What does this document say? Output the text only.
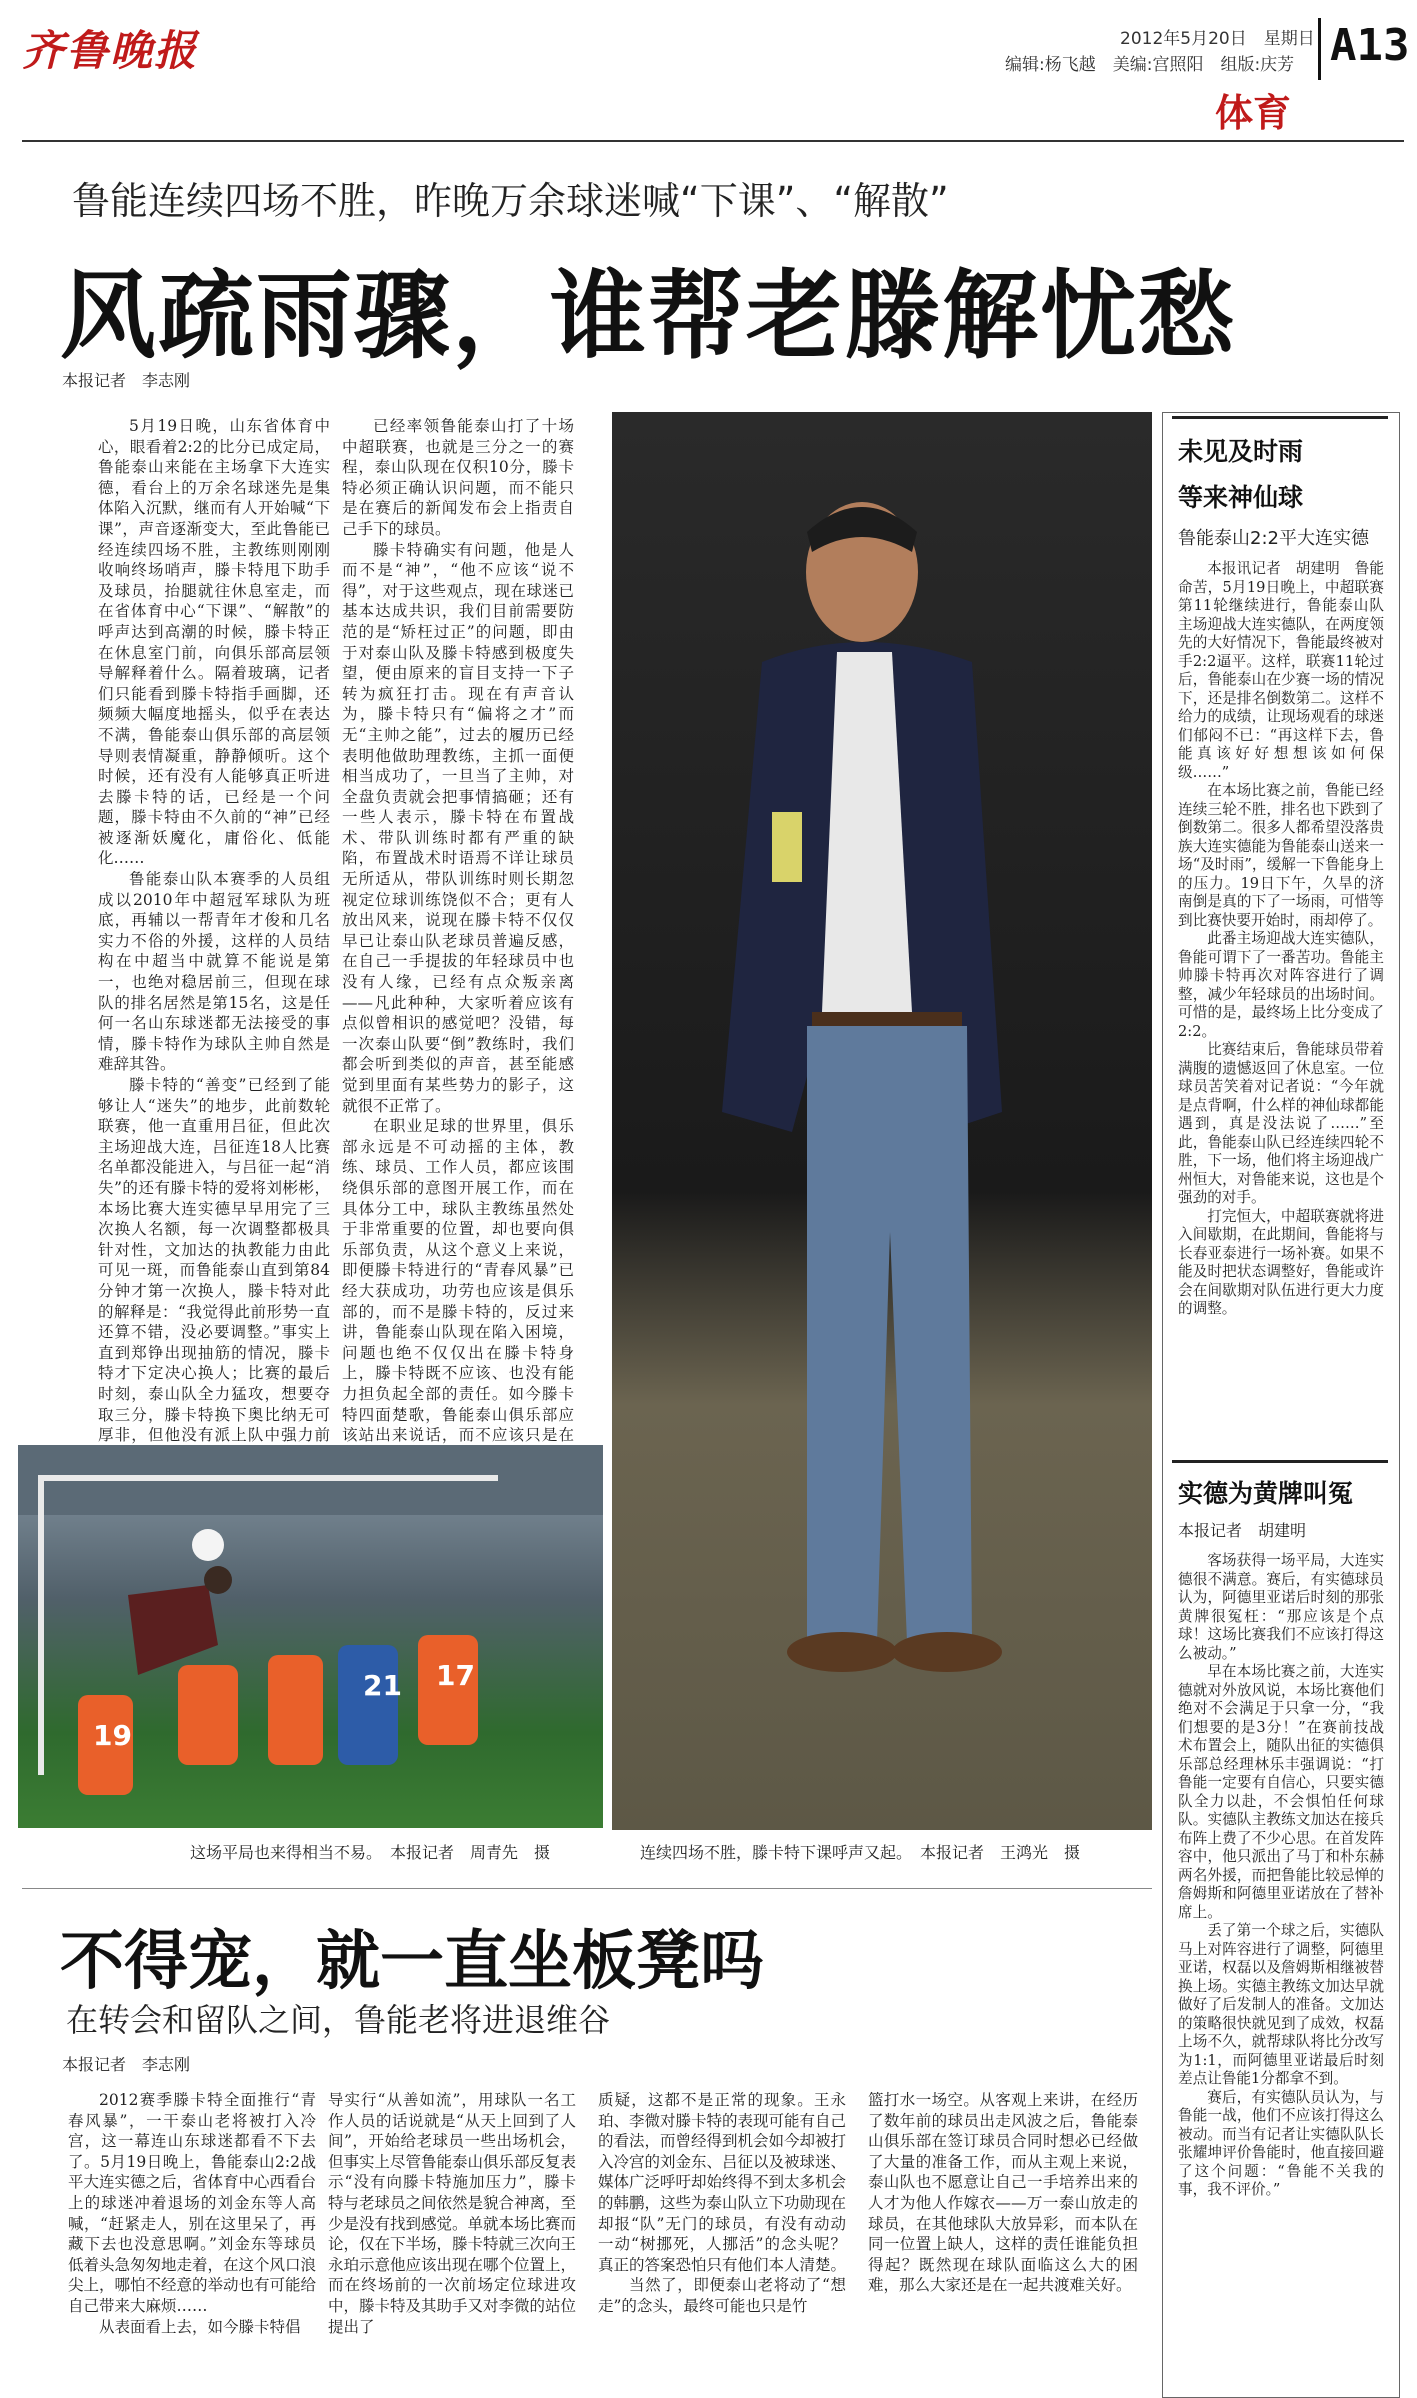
齐鲁晚报	2012年5月20日　星期日
编辑:杨飞越　美编:宫照阳　组版:庆芳 A13
体育
鲁能连续四场不胜，昨晚万余球迷喊“下课”、“解散”
风疏雨骤，谁帮老滕解忧愁
本报记者　李志刚

5月19日晚，山东省体育中心，眼看着2:2的比分已成定局，鲁能泰山来能在主场拿下大连实德，看台上的万余名球迷先是集体陷入沉默，继而有人开始喊“下课”，声音逐渐变大，至此鲁能已经连续四场不胜，主教练则刚刚收响终场哨声，滕卡特甩下助手及球员，抬腿就往休息室走，而在省体育中心“下课”、“解散”的呼声达到高潮的时候，滕卡特正在休息室门前，向俱乐部高层领导解释着什么。隔着玻璃，记者们只能看到滕卡特指手画脚，还频频大幅度地摇头，似乎在表达不满，鲁能泰山俱乐部的高层领导则表情凝重，静静倾听。这个时候，还有没有人能够真正听进去滕卡特的话，已经是一个问题，滕卡特由不久前的“神”已经被逐渐妖魔化，庸俗化、低能化……

鲁能泰山队本赛季的人员组成以2010年中超冠军球队为班底，再辅以一帮青年才俊和几名实力不俗的外援，这样的人员结构在中超当中就算不能说是第一，也绝对稳居前三，但现在球队的排名居然是第15名，这是任何一名山东球迷都无法接受的事情，滕卡特作为球队主帅自然是难辞其咎。

滕卡特的“善变”已经到了能够让人“迷失”的地步，此前数轮联赛，他一直重用吕征，但此次主场迎战大连，吕征连18人比赛名单都没能进入，与吕征一起“消失”的还有滕卡特的爱将刘彬彬，本场比赛大连实德早早用完了三次换人名额，每一次调整都极具针对性，文加达的执教能力由此可见一斑，而鲁能泰山直到第84分钟才第一次换人，滕卡特对此的解释是：“我觉得此前形势一直还算不错，没必要调整。”事实上直到郑铮出现抽筋的情况，滕卡特才下定决心换人；比赛的最后时刻，泰山队全力猛攻，想要夺取三分，滕卡特换下奥比纳无可厚非，但他没有派上队中强力前

已经率领鲁能泰山打了十场中超联赛，也就是三分之一的赛程，泰山队现在仅积10分，滕卡特必须正确认识问题，而不能只是在赛后的新闻发布会上指责自己手下的球员。

滕卡特确实有问题，他是人而不是“神”，“他不应该“说不得”，对于这些观点，现在球迷已基本达成共识，我们目前需要防范的是“矫枉过正”的问题，即由于对泰山队及滕卡特感到极度失望，便由原来的盲目支持一下子转为疯狂打击。现在有声音认为，滕卡特只有“偏将之才”而无“主帅之能”，过去的履历已经表明他做助理教练，主抓一面便相当成功了，一旦当了主帅，对全盘负责就会把事情搞砸；还有一些人表示，滕卡特在布置战术、带队训练时都有严重的缺陷，布置战术时语焉不详让球员无所适从，带队训练时则长期忽视定位球训练饶似不合；更有人放出风来，说现在滕卡特不仅仅早已让泰山队老球员普遍反感，在自己一手提拔的年轻球员中也没有人缘，已经有点众叛亲离——凡此种种，大家听着应该有点似曾相识的感觉吧？没错，每一次泰山队要“倒”教练时，我们都会听到类似的声音，甚至能感觉到里面有某些势力的影子，这就很不正常了。

在职业足球的世界里，俱乐部永远是不可动摇的主体，教练、球员、工作人员，都应该围绕俱乐部的意图开展工作，而在具体分工中，球队主教练虽然处于非常重要的位置，却也要向俱乐部负责，从这个意义上来说，即便滕卡特进行的“青春风暴”已经大获成功，功劳也应该是俱乐部的，而不是滕卡特的，反过来讲，鲁能泰山队现在陷入困境，问题也绝不仅仅出在滕卡特身上，滕卡特既不应该、也没有能力担负起全部的责任。如今滕卡特四面楚歌，鲁能泰山俱乐部应该站出来说话，而不应该只是在

连续四场不胜，滕卡特下课呼声又起。　本报记者　王鸿光　摄
21 17
19
这场平局也来得相当不易。　本报记者　周青先　摄
未见及时雨
等来神仙球
鲁能泰山2:2平大连实德

本报讯记者　胡建明　鲁能命苦，5月19日晚上，中超联赛第11轮继续进行，鲁能泰山队主场迎战大连实德队，在两度领先的大好情况下，鲁能最终被对手2:2逼平。这样，联赛11轮过后，鲁能泰山在少赛一场的情况下，还是排名倒数第二。这样不给力的成绩，让现场观看的球迷们郁闷不已：“再这样下去，鲁能真该好好想想该如何保级……”

在本场比赛之前，鲁能已经连续三轮不胜，排名也下跌到了倒数第二。很多人都希望没落贵族大连实德能为鲁能泰山送来一场“及时雨”，缓解一下鲁能身上的压力。19日下午，久旱的济南倒是真的下了一场雨，可惜等到比赛快要开始时，雨却停了。

此番主场迎战大连实德队，鲁能可谓下了一番苦功。鲁能主帅滕卡特再次对阵容进行了调整，减少年轻球员的出场时间。可惜的是，最终场上比分变成了2:2。

比赛结束后，鲁能球员带着满腹的遗憾返回了休息室。一位球员苦笑着对记者说：“今年就是点背啊，什么样的神仙球都能遇到，真是没法说了……”至此，鲁能泰山队已经连续四轮不胜，下一场，他们将主场迎战广州恒大，对鲁能来说，这也是个强劲的对手。

打完恒大，中超联赛就将进入间歇期，在此期间，鲁能将与长春亚泰进行一场补赛。如果不能及时把状态调整好，鲁能或许会在间歇期对队伍进行更大力度的调整。

实德为黄牌叫冤
本报记者　胡建明

客场获得一场平局，大连实德很不满意。赛后，有实德球员认为，阿德里亚诺后时刻的那张黄牌很冤枉：“那应该是个点球！这场比赛我们不应该打得这么被动。”

早在本场比赛之前，大连实德就对外放风说，本场比赛他们绝对不会满足于只拿一分，“我们想要的是3分！”在赛前技战术布置会上，随队出征的实德俱乐部总经理林乐丰强调说：“打鲁能一定要有自信心，只要实德队全力以赴，不会惧怕任何球队。实德队主教练文加达在接兵布阵上费了不少心思。在首发阵容中，他只派出了马丁和朴东赫两名外援，而把鲁能比较忌惮的詹姆斯和阿德里亚诺放在了替补席上。

丢了第一个球之后，实德队马上对阵容进行了调整，阿德里亚诺，权磊以及詹姆斯相继被替换上场。实德主教练文加达早就做好了后发制人的准备。文加达的策略很快就见到了成效，权磊上场不久，就帮球队将比分改写为1:1，而阿德里亚诺最后时刻差点让鲁能1分都拿不到。

赛后，有实德队员认为，与鲁能一战，他们不应该打得这么被动。而当有记者让实德队队长张耀坤评价鲁能时，他直接回避了这个问题：“鲁能不关我的事，我不评价。”

不得宠，就一直坐板凳吗
在转会和留队之间，鲁能老将进退维谷
本报记者　李志刚

2012赛季滕卡特全面推行“青春风暴”，一干泰山老将被打入冷宫，这一幕连山东球迷都看不下去了。5月19日晚上，鲁能泰山2:2战平大连实德之后，省体育中心西看台上的球迷冲着退场的刘金东等人高喊，“赶紧走人，别在这里呆了，再藏下去也没意思啊。”刘金东等球员低着头急匆匆地走着，在这个风口浪尖上，哪怕不经意的举动也有可能给自己带来大麻烦……

从表面看上去，如今滕卡特倡

导实行“从善如流”，用球队一名工作人员的话说就是“从天上回到了人间”，开始给老球员一些出场机会，但事实上尽管鲁能泰山俱乐部反复表示“没有向滕卡特施加压力”，滕卡特与老球员之间依然是貌合神离，至少是没有找到感觉。单就本场比赛而论，仅在下半场，滕卡特就三次向王永珀示意他应该出现在哪个位置上，而在终场前的一次前场定位球进攻中，滕卡特及其助手又对李微的站位提出了

质疑，这都不是正常的现象。王永珀、李微对滕卡特的表现可能有自己的看法，而曾经得到机会如今却被打入冷宫的刘金东、吕征以及被球迷、媒体广泛呼吁却始终得不到太多机会的韩鹏，这些为泰山队立下功勋现在却报“队”无门的球员，有没有动动一动“树挪死，人挪活”的念头呢？真正的答案恐怕只有他们本人清楚。

当然了，即便泰山老将动了“想走”的念头，最终可能也只是竹

篮打水一场空。从客观上来讲，在经历了数年前的球员出走风波之后，鲁能泰山俱乐部在签订球员合同时想必已经做了大量的准备工作，而从主观上来说，泰山队也不愿意让自己一手培养出来的人才为他人作嫁衣——万一泰山放走的球员，在其他球队大放异彩，而本队在同一位置上缺人，这样的责任谁能负担得起？既然现在球队面临这么大的困难，那么大家还是在一起共渡难关好。
